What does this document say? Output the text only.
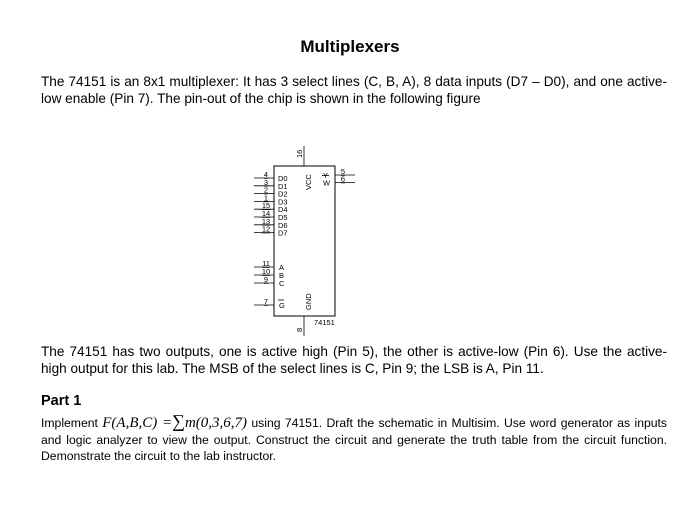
Multiplexers
The 74151 is an 8x1 multiplexer: It has 3 select lines (C, B, A), 8 data inputs (D7 – D0), and one active-low enable (Pin 7). The pin-out of the chip is shown in the following figure
4 D0
3 D1
2 D2
1 D3
15 D4
14 D5
13 D6
12 D7
11 A
10 B
9 C
7 G
5
Y 6
W
16
VCC
8
GND
74151
The 74151 has two outputs, one is active high (Pin 5), the other is active-low (Pin 6). Use the active-high output for this lab. The MSB of the select lines is C, Pin 9; the LSB is A, Pin 11.
Part 1
Implement F(A,B,C) =∑m(0,3,6,7) using 74151. Draft the schematic in Multisim. Use word generator as inputs and logic analyzer to view the output. Construct the circuit and generate the truth table from the circuit function. Demonstrate the circuit to the lab instructor.
